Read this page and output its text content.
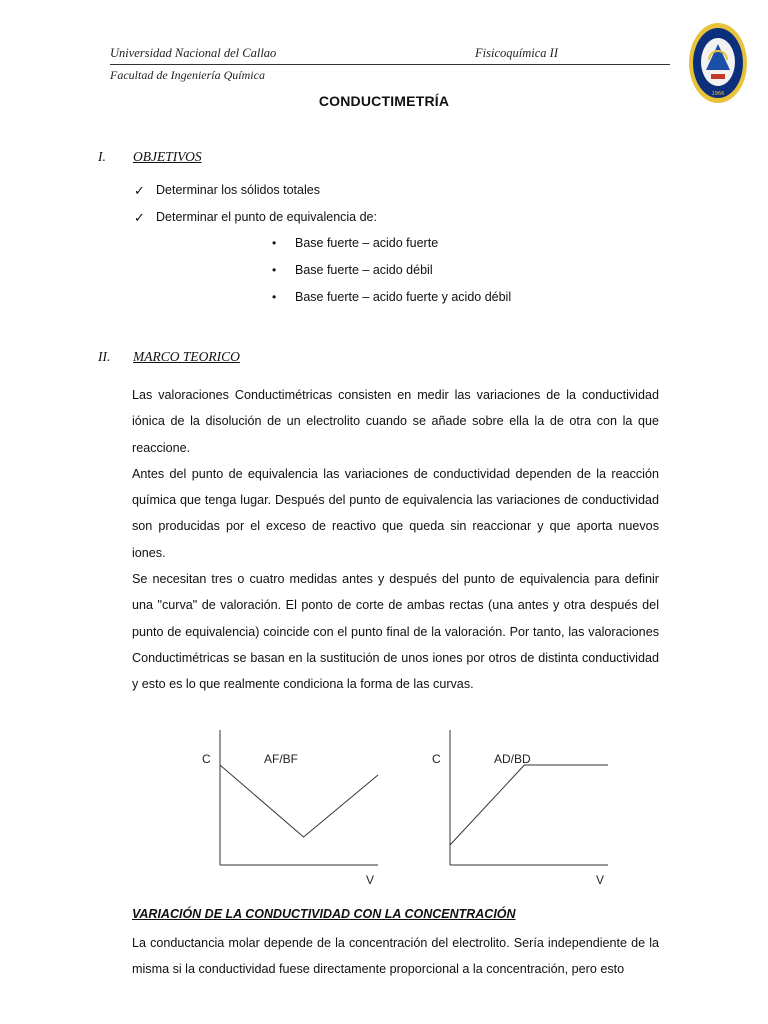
Universidad Nacional del Callao	Fisicoquímica II
Facultad de Ingeniería Química
1966
CONDUCTIMETRÍA
I. OBJETIVOS
✓ Determinar los sólidos totales
✓ Determinar el punto de equivalencia de:
• Base fuerte – acido fuerte
• Base fuerte – acido débil
• Base fuerte – acido fuerte y acido débil
II. MARCO TEORICO

Las valoraciones Conductimétricas consisten en medir las variaciones de la conductividad iónica de la disolución de un electrolito cuando se añade sobre ella la de otra con la que reaccione.

Antes del punto de equivalencia las variaciones de conductividad dependen de la reacción química que tenga lugar. Después del punto de equivalencia las variaciones de conductividad son producidas por el exceso de reactivo que queda sin reaccionar y que aporta nuevos iones.

Se necesitan tres o cuatro medidas antes y después del punto de equivalencia para definir una "curva" de valoración. El ponto de corte de ambas rectas (una antes y otra después del punto de equivalencia) coincide con el punto final de la valoración. Por tanto, las valoraciones Conductimétricas se basan en la sustitución de unos iones por otros de distinta conductividad y esto es lo que realmente condiciona la forma de las curvas.

C
V
AF/BF	C
V
AD/BD
VARIACIÓN DE LA CONDUCTIVIDAD CON LA CONCENTRACIÓN

La conductancia molar depende de la concentración del electrolito. Sería independiente de la misma si la conductividad fuese directamente proporcional a la concentración, pero esto
